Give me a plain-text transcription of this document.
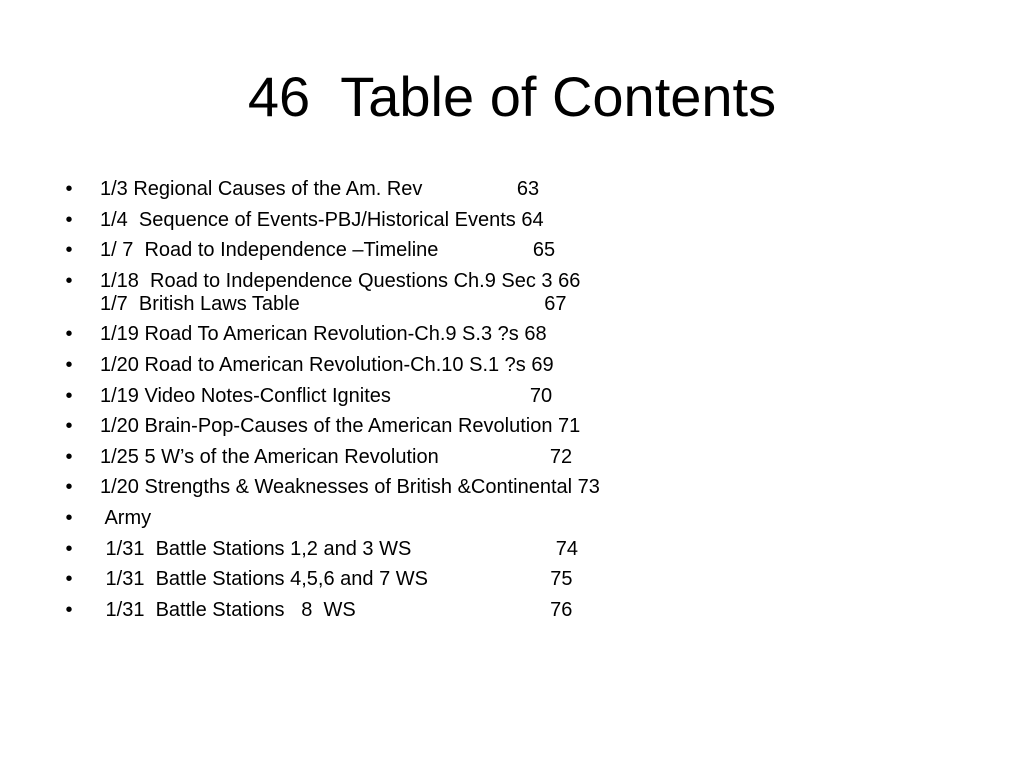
46  Table of Contents
• 1/3 Regional Causes of the Am. Rev                 63
• 1/4  Sequence of Events-PBJ/Historical Events 64
• 1/ 7  Road to Independence –Timeline                 65
• 1/18  Road to Independence Questions Ch.9 Sec 3 66
1/7  British Laws Table                                            67
• 1/19 Road To American Revolution-Ch.9 S.3 ?s 68
• 1/20 Road to American Revolution-Ch.10 S.1 ?s 69
• 1/19 Video Notes-Conflict Ignites                         70
• 1/20 Brain-Pop-Causes of the American Revolution 71
• 1/25 5 W’s of the American Revolution                    72
• 1/20 Strengths & Weaknesses of British &Continental 73
• Army
• 1/31  Battle Stations 1,2 and 3 WS                          74
• 1/31  Battle Stations 4,5,6 and 7 WS                      75
• 1/31  Battle Stations   8  WS                                   76
